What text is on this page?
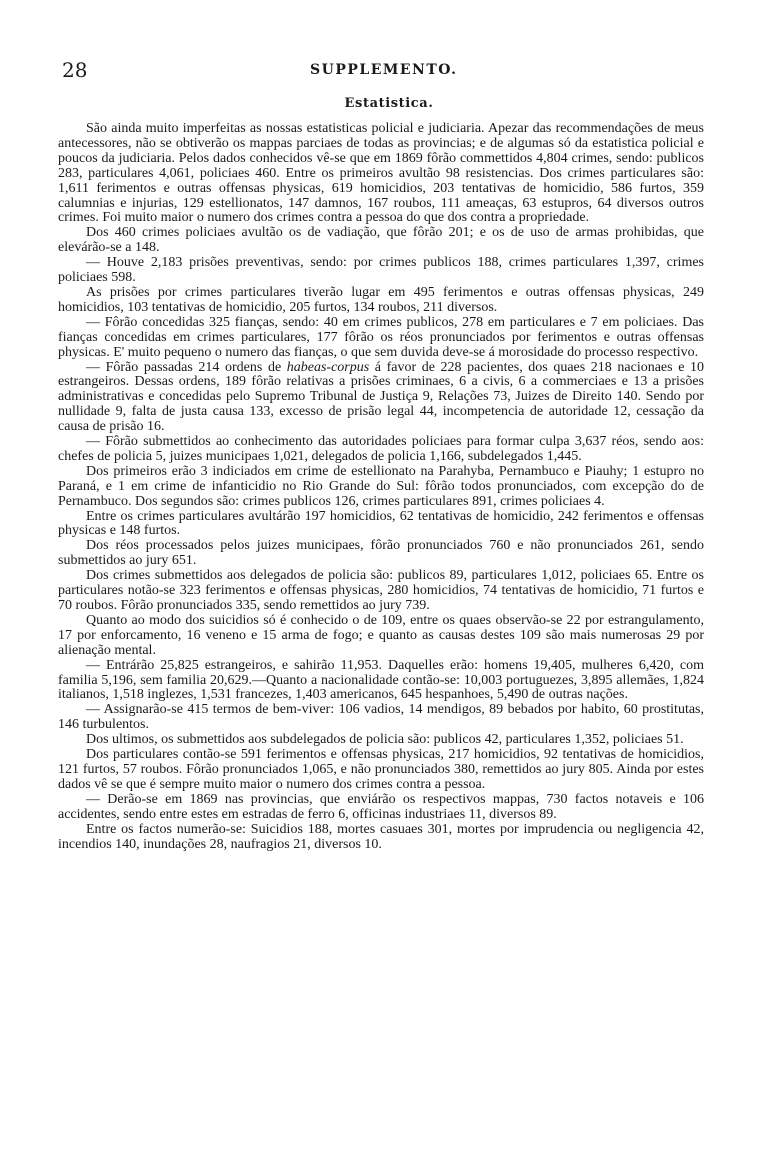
28	SUPPLEMENTO.
Estatistica.

São ainda muito imperfeitas as nossas estatisticas policial e judiciaria. Apezar das recommendações de meus antecessores, não se obtiverão os mappas parciaes de todas as provincias; e de algumas só da estatistica policial e poucos da judiciaria. Pelos dados conhecidos vê-se que em 1869 fôrão commettidos 4,804 crimes, sendo: publicos 283, particulares 4,061, policiaes 460. Entre os primeiros avultão 98 resistencias. Dos crimes particulares são: 1,611 ferimentos e outras offensas physicas, 619 homicidios, 203 tentativas de homicidio, 586 furtos, 359 calumnias e injurias, 129 estellionatos, 147 damnos, 167 roubos, 111 ameaças, 63 estupros, 64 diversos outros crimes. Foi muito maior o numero dos crimes contra a pessoa do que dos contra a propriedade.

Dos 460 crimes policiaes avultão os de vadiação, que fôrão 201; e os de uso de armas prohibidas, que elevárão-se a 148.

— Houve 2,183 prisões preventivas, sendo: por crimes publicos 188, crimes particulares 1,397, crimes policiaes 598.

As prisões por crimes particulares tiverão lugar em 495 ferimentos e outras offensas physicas, 249 homicidios, 103 tentativas de homicidio, 205 furtos, 134 roubos, 211 diversos.

— Fôrão concedidas 325 fianças, sendo: 40 em crimes publicos, 278 em particulares e 7 em policiaes. Das fianças concedidas em crimes particulares, 177 fôrão os réos pronunciados por ferimentos e outras offensas physicas. E' muito pequeno o numero das fianças, o que sem duvida deve-se á morosidade do processo respectivo.

— Fôrão passadas 214 ordens de habeas-corpus á favor de 228 pacientes, dos quaes 218 nacionaes e 10 estrangeiros. Dessas ordens, 189 fôrão relativas a prisões criminaes, 6 a civis, 6 a commerciaes e 13 a prisões administrativas e concedidas pelo Supremo Tribunal de Justiça 9, Relações 73, Juizes de Direito 140. Sendo por nullidade 9, falta de justa causa 133, excesso de prisão legal 44, incompetencia de autoridade 12, cessação da causa de prisão 16.

— Fôrão submettidos ao conhecimento das autoridades policiaes para formar culpa 3,637 réos, sendo aos: chefes de policia 5, juizes municipaes 1,021, delegados de policia 1,166, subdelegados 1,445.

Dos primeiros erão 3 indiciados em crime de estellionato na Parahyba, Pernambuco e Piauhy; 1 estupro no Paraná, e 1 em crime de infanticidio no Rio Grande do Sul: fôrão todos pronunciados, com excepção do de Pernambuco. Dos segundos são: crimes publicos 126, crimes particulares 891, crimes policiaes 4.

Entre os crimes particulares avultárão 197 homicidios, 62 tentativas de homicidio, 242 ferimentos e offensas physicas e 148 furtos.

Dos réos processados pelos juizes municipaes, fôrão pronunciados 760 e não pronunciados 261, sendo submettidos ao jury 651.

Dos crimes submettidos aos delegados de policia são: publicos 89, particulares 1,012, policiaes 65. Entre os particulares notão-se 323 ferimentos e offensas physicas, 280 homicidios, 74 tentativas de homicidio, 71 furtos e 70 roubos. Fôrão pronunciados 335, sendo remettidos ao jury 739.

Quanto ao modo dos suicidios só é conhecido o de 109, entre os quaes observão-se 22 por estrangulamento, 17 por enforcamento, 16 veneno e 15 arma de fogo; e quanto as causas destes 109 são mais numerosas 29 por alienação mental.

— Entrárão 25,825 estrangeiros, e sahirão 11,953. Daquelles erão: homens 19,405, mulheres 6,420, com familia 5,196, sem familia 20,629.—Quanto a nacionalidade contão-se: 10,003 portuguezes, 3,895 allemães, 1,824 italianos, 1,518 inglezes, 1,531 francezes, 1,403 americanos, 645 hespanhoes, 5,490 de outras nações.

— Assignarão-se 415 termos de bem-viver: 106 vadios, 14 mendigos, 89 bebados por habito, 60 prostitutas, 146 turbulentos.

Dos ultimos, os submettidos aos subdelegados de policia são: publicos 42, particulares 1,352, policiaes 51.

Dos particulares contão-se 591 ferimentos e offensas physicas, 217 homicidios, 92 tentativas de homicidios, 121 furtos, 57 roubos. Fôrão pronunciados 1,065, e não pronunciados 380, remettidos ao jury 805. Ainda por estes dados vê se que é sempre muito maior o numero dos crimes contra a pessoa.

— Derão-se em 1869 nas provincias, que enviárão os respectivos mappas, 730 factos notaveis e 106 accidentes, sendo entre estes em estradas de ferro 6, officinas industriaes 11, diversos 89.

Entre os factos numerão-se: Suicidios 188, mortes casuaes 301, mortes por imprudencia ou negligencia 42, incendios 140, inundações 28, naufragios 21, diversos 10.
